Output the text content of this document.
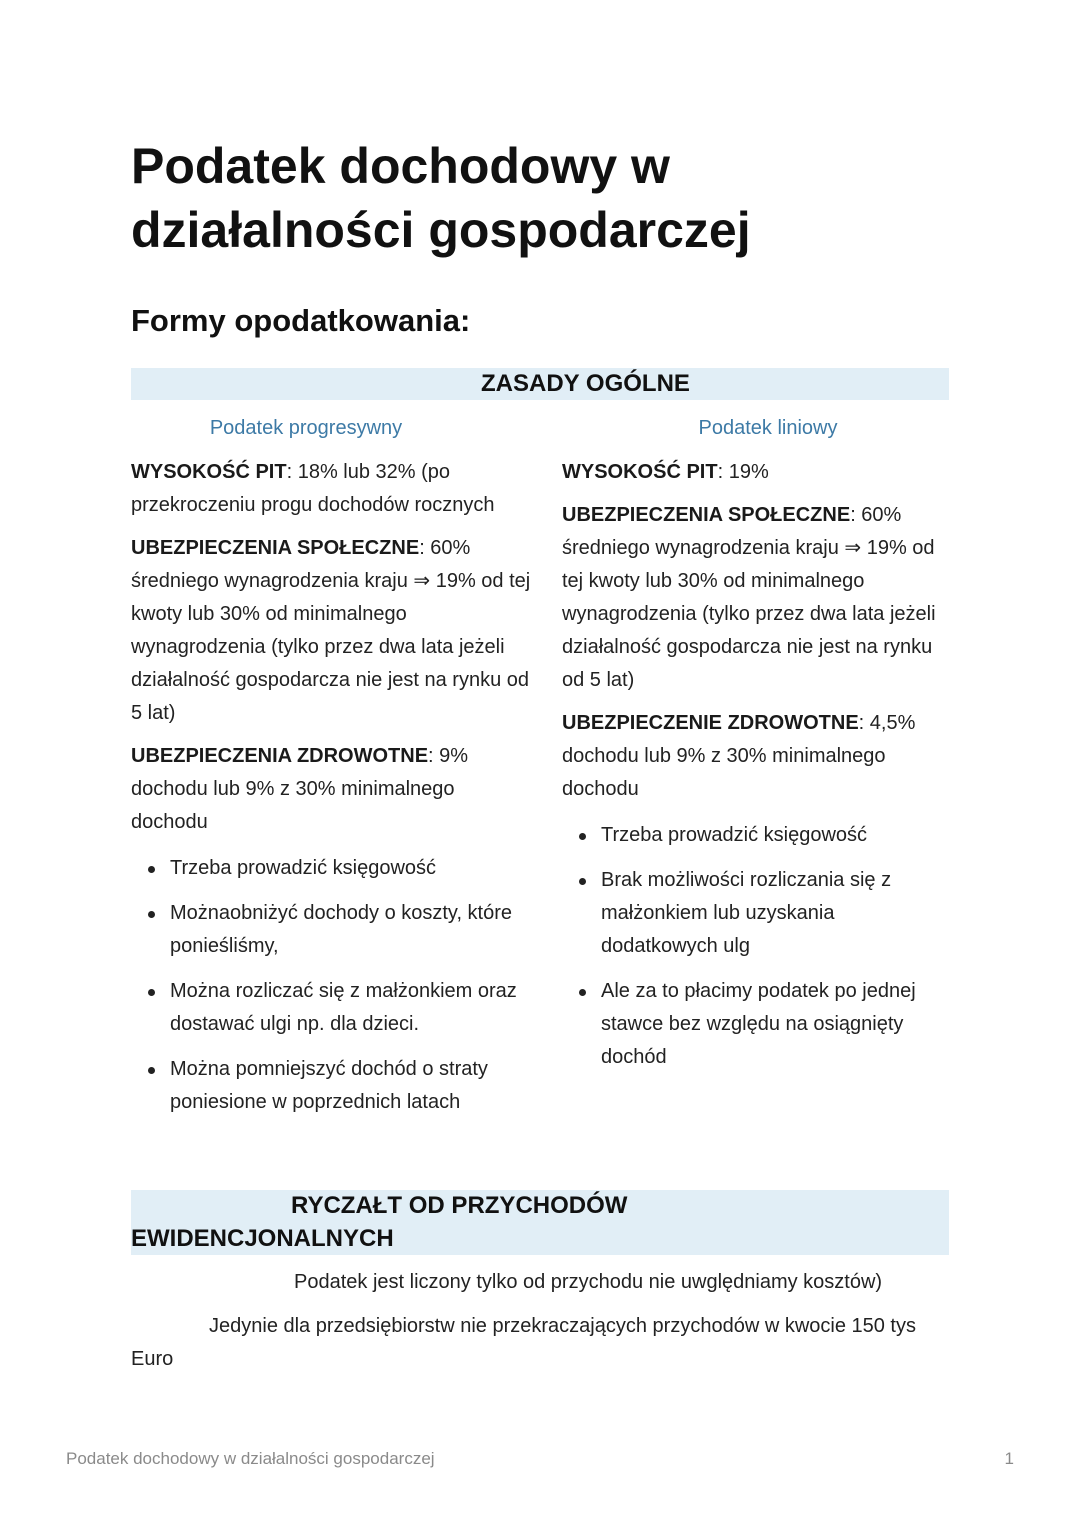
Podatek dochodowy w działalności gospodarczej
Formy opodatkowania:
ZASADY OGÓLNE
Podatek progresywny

WYSOKOŚĆ PIT: 18% lub 32% (po przekroczeniu progu dochodów rocznych

UBEZPIECZENIA SPOŁECZNE: 60% średniego wynagrodzenia kraju ⇒ 19% od tej kwoty lub 30% od minimalnego wynagrodzenia (tylko przez dwa lata jeżeli działalność gospodarcza nie jest na rynku od 5 lat)

UBEZPIECZENIA ZDROWOTNE: 9% dochodu lub 9% z 30% minimalnego dochodu

Trzeba prowadzić księgowość
Możnaobniżyć dochody o koszty, które ponieśliśmy,
Można rozliczać się z małżonkiem oraz dostawać ulgi np. dla dzieci.
Można pomniejszyć dochód o straty poniesione w poprzednich latach
Podatek liniowy

WYSOKOŚĆ PIT: 19%

UBEZPIECZENIA SPOŁECZNE: 60% średniego wynagrodzenia kraju ⇒ 19% od tej kwoty lub 30% od minimalnego wynagrodzenia (tylko przez dwa lata jeżeli działalność gospodarcza nie jest na rynku od 5 lat)

UBEZPIECZENIE ZDROWOTNE: 4,5% dochodu lub 9% z 30% minimalnego dochodu

Trzeba prowadzić księgowość
Brak możliwości rozliczania się z małżonkiem lub uzyskania dodatkowych ulg
Ale za to płacimy podatek po jednej stawce bez względu na osiągnięty dochód
RYCZAŁT OD PRZYCHODÓW
EWIDENCJONALNYCH
Podatek jest liczony tylko od przychodu nie uwględniamy kosztów)
Jedynie dla przedsiębiorstw nie przekraczających przychodów w kwocie 150 tys Euro
Podatek dochodowy w działalności gospodarczej	1
